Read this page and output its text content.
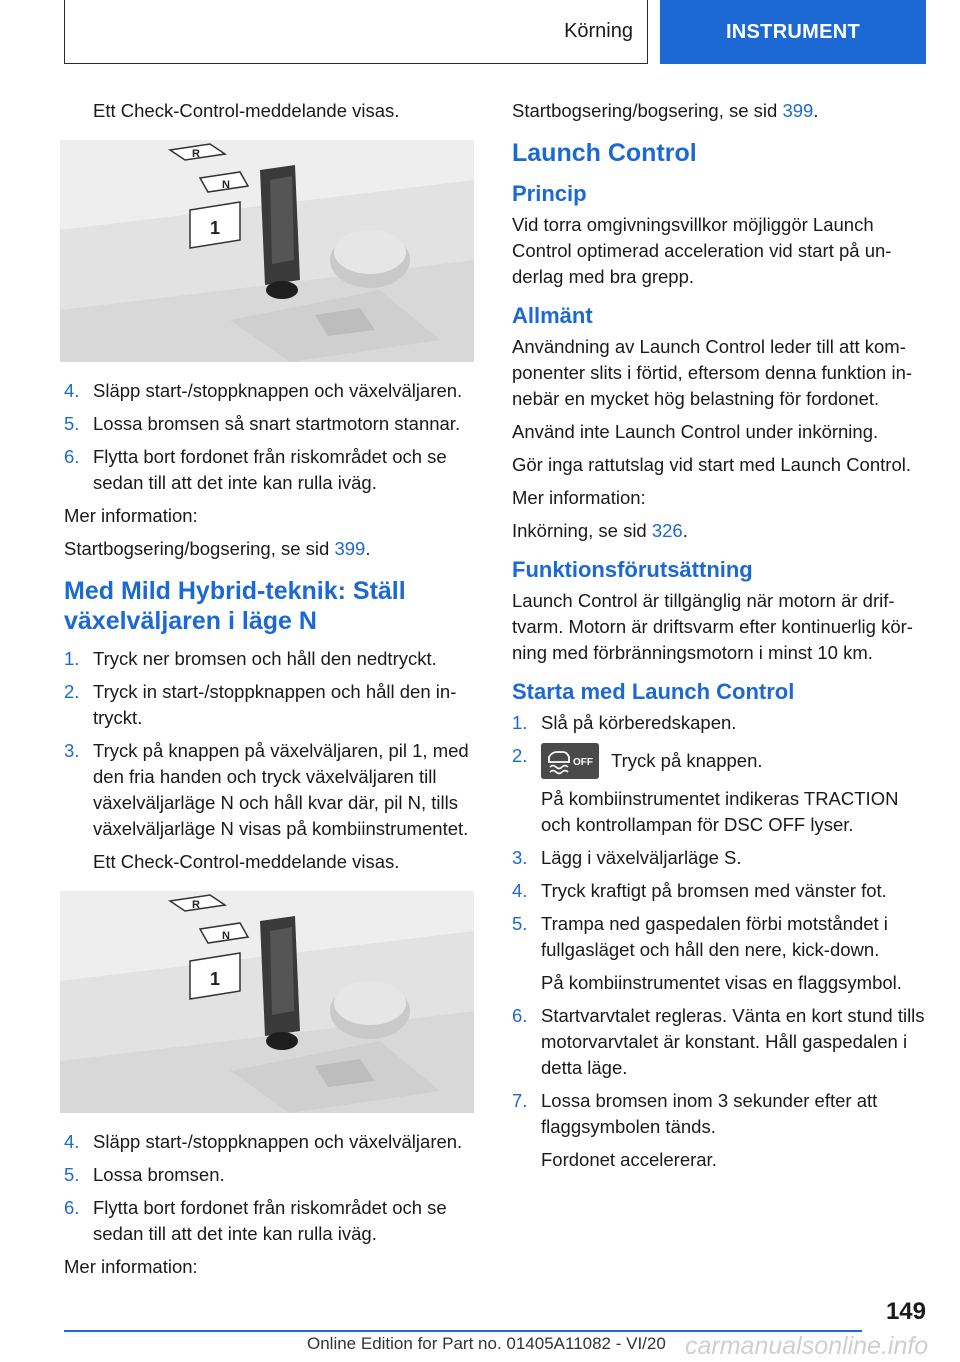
Körning	INSTRUMENT

Ett Check-Control-meddelande visas.

R
N
1
4. Släpp start-/stoppknappen och växelväljaren.
5. Lossa bromsen så snart startmotorn stannar.
6. Flytta bort fordonet från riskområdet och se sedan till att det inte kan rulla iväg.

Mer information:

Startbogsering/bogsering, se sid 399.

Med Mild Hybrid-teknik: Ställ växelväljaren i läge N
1. Tryck ner bromsen och håll den nedtryckt.
2. Tryck in start-/stoppknappen och håll den intryckt.
3. Tryck på knappen på växelväljaren, pil 1, med den fria handen och tryck växelväljaren till växelväljarläge N och håll kvar där, pil N, tills växelväljarläge N visas på kombiinstrumentet.
Ett Check-Control-meddelande visas.
R
N
1
4. Släpp start-/stoppknappen och växelväljaren.
5. Lossa bromsen.
6. Flytta bort fordonet från riskområdet och se sedan till att det inte kan rulla iväg.

Mer information:

Startbogsering/bogsering, se sid 399.

Launch Control
Princip

Vid torra omgivningsvillkor möjliggör Launch Control optimerad acceleration vid start på underlag med bra grepp.

Allmänt

Användning av Launch Control leder till att komponenter slits i förtid, eftersom denna funktion innebär en mycket hög belastning för fordonet.

Använd inte Launch Control under inkörning.

Gör inga rattutslag vid start med Launch Control.

Mer information:

Inkörning, se sid 326.

Funktionsförutsättning

Launch Control är tillgänglig när motorn är driftvarm. Motorn är driftsvarm efter kontinuerlig körning med förbränningsmotorn i minst 10 km.

Starta med Launch Control
1. Slå på körberedskapen.
2.	OFF Tryck på knappen.
På kombiinstrumentet indikeras TRACTION och kontrollampan för DSC OFF lyser.
3. Lägg i växelväljarläge S.
4. Tryck kraftigt på bromsen med vänster fot.
5. Trampa ned gaspedalen förbi motståndet i fullgasläget och håll den nere, kick-down.
På kombiinstrumentet visas en flaggsymbol.
6. Startvarvtalet regleras. Vänta en kort stund tills motorvarvtalet är konstant. Håll gaspedalen i detta läge.
7. Lossa bromsen inom 3 sekunder efter att flaggsymbolen tänds.
Fordonet accelererar.
149
Online Edition for Part no. 01405A11082 - VI/20 carmanualsonline.info
